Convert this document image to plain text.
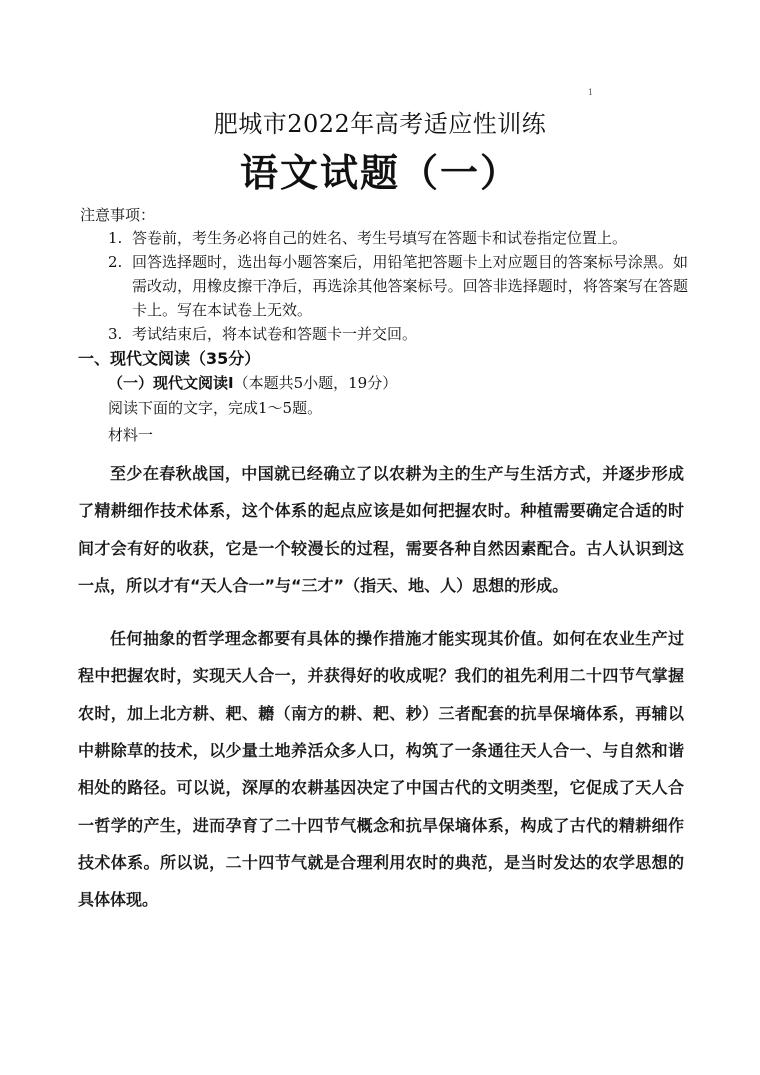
1
肥城市2022年高考适应性训练
语文试题（一）
注意事项：
1. 答卷前，考生务必将自己的姓名、考生号填写在答题卡和试卷指定位置上。
2. 回答选择题时，选出每小题答案后，用铅笔把答题卡上对应题目的答案标号涂黑。如需改动，用橡皮擦干净后，再选涂其他答案标号。回答非选择题时，将答案写在答题卡上。写在本试卷上无效。
3. 考试结束后，将本试卷和答题卡一并交回。
一、现代文阅读（35分）
（一）现代文阅读Ⅰ（本题共5小题，19分）
阅读下面的文字，完成1～5题。
材料一

至少在春秋战国，中国就已经确立了以农耕为主的生产与生活方式，并逐步形成了精耕细作技术体系，这个体系的起点应该是如何把握农时。种植需要确定合适的时间才会有好的收获，它是一个较漫长的过程，需要各种自然因素配合。古人认识到这一点，所以才有“天人合一”与“三才”（指天、地、人）思想的形成。

任何抽象的哲学理念都要有具体的操作措施才能实现其价值。如何在农业生产过程中把握农时，实现天人合一，并获得好的收成呢？我们的祖先利用二十四节气掌握农时，加上北方耕、耙、耱（南方的耕、耙、耖）三者配套的抗旱保墒体系，再辅以中耕除草的技术，以少量土地养活众多人口，构筑了一条通往天人合一、与自然和谐相处的路径。可以说，深厚的农耕基因决定了中国古代的文明类型，它促成了天人合一哲学的产生，进而孕育了二十四节气概念和抗旱保墒体系，构成了古代的精耕细作技术体系。所以说，二十四节气就是合理利用农时的典范，是当时发达的农学思想的具体体现。
